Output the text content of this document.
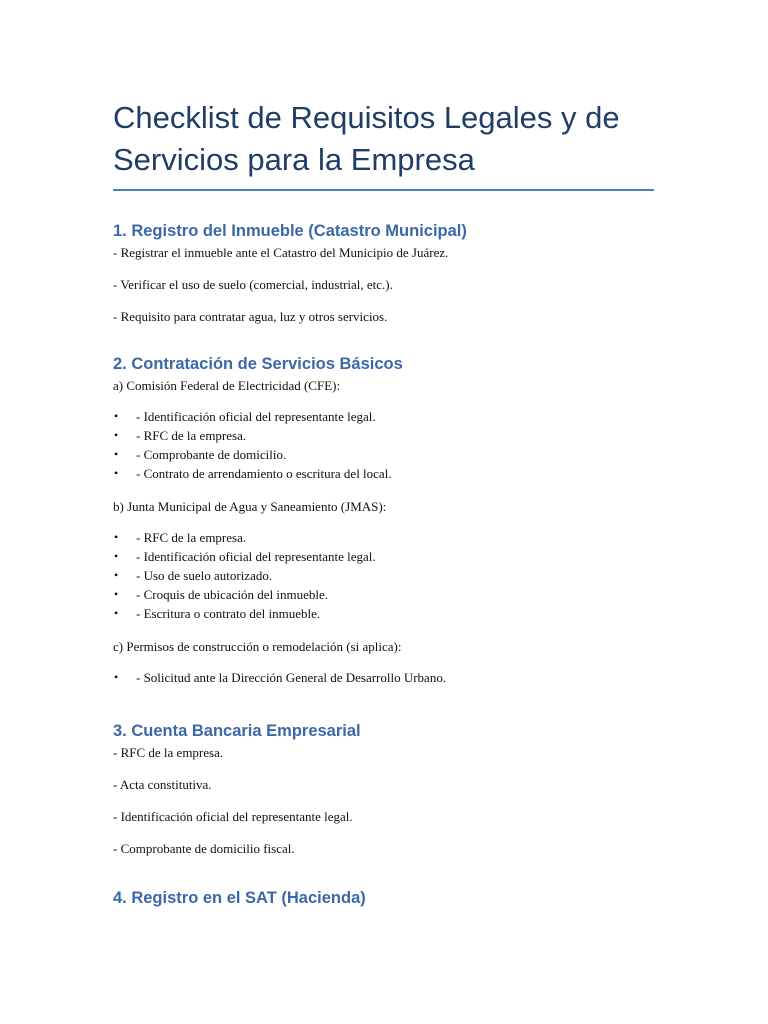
Checklist de Requisitos Legales y de
Servicios para la Empresa
1. Registro del Inmueble (Catastro Municipal)

- Registrar el inmueble ante el Catastro del Municipio de Juárez.

- Verificar el uso de suelo (comercial, industrial, etc.).

- Requisito para contratar agua, luz y otros servicios.

2. Contratación de Servicios Básicos

a) Comisión Federal de Electricidad (CFE):

• - Identificación oficial del representante legal.
• - RFC de la empresa.
• - Comprobante de domicilio.
• - Contrato de arrendamiento o escritura del local.

b) Junta Municipal de Agua y Saneamiento (JMAS):

• - RFC de la empresa.
• - Identificación oficial del representante legal.
• - Uso de suelo autorizado.
• - Croquis de ubicación del inmueble.
• - Escritura o contrato del inmueble.

c) Permisos de construcción o remodelación (si aplica):

• - Solicitud ante la Dirección General de Desarrollo Urbano.
3. Cuenta Bancaria Empresarial

- RFC de la empresa.

- Acta constitutiva.

- Identificación oficial del representante legal.

- Comprobante de domicilio fiscal.

4. Registro en el SAT (Hacienda)
